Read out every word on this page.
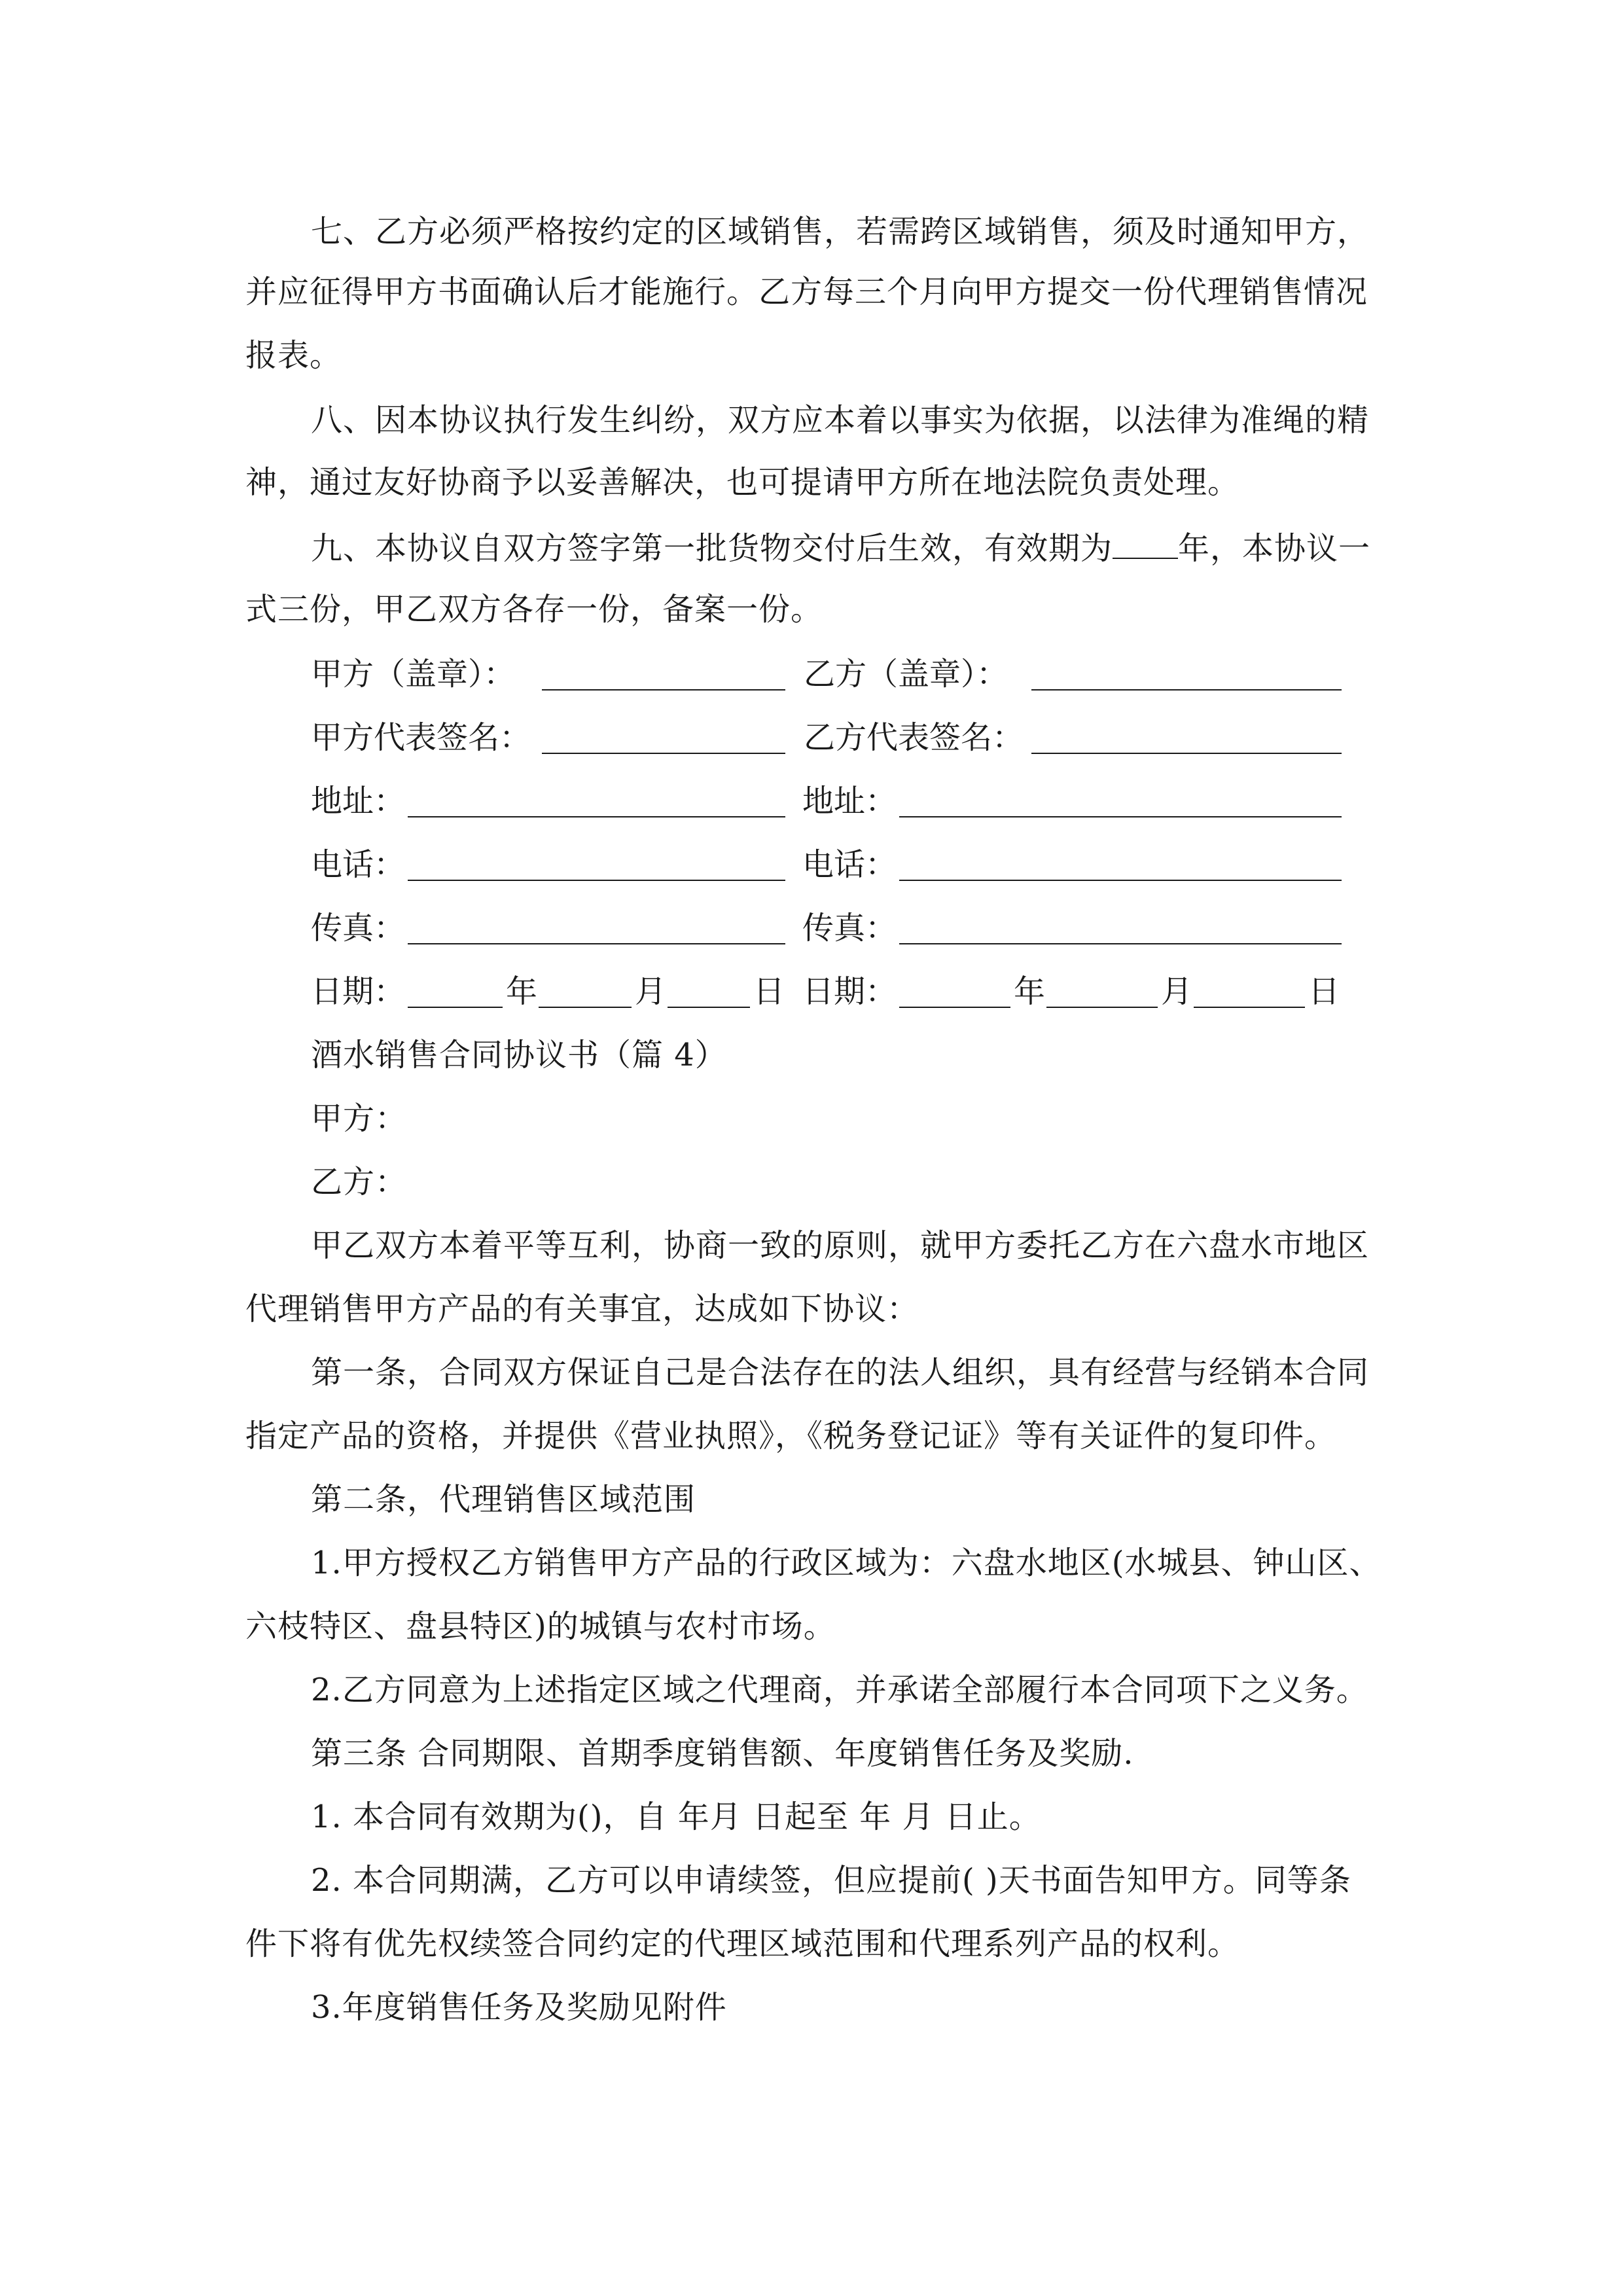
七、乙方必须严格按约定的区域销售，若需跨区域销售，须及时通知甲方，
并应征得甲方书面确认后才能施行。乙方每三个月向甲方提交一份代理销售情况
报表。
八、因本协议执行发生纠纷，双方应本着以事实为依据，以法律为准绳的精
神，通过友好协商予以妥善解决，也可提请甲方所在地法院负责处理。
九、本协议自双方签字第一批货物交付后生效，有效期为 年，本协议一
式三份，甲乙双方各存一份，备案一份。
甲方（盖章）：	乙方（盖章）：
甲方代表签名：	乙方代表签名：
地址：	地址：
电话：	电话：
传真：	传真：
日期：	年	月	日 日期：	年	月	日
酒水销售合同协议书（篇 4）
甲方：
乙方：
甲乙双方本着平等互利，协商一致的原则，就甲方委托乙方在六盘水市地区
代理销售甲方产品的有关事宜，达成如下协议：
第一条，合同双方保证自己是合法存在的法人组织，具有经营与经销本合同
指定产品的资格，并提供《营业执照》，《税务登记证》等有关证件的复印件。
第二条，代理销售区域范围
1.甲方授权乙方销售甲方产品的行政区域为：六盘水地区(水城县、钟山区、
六枝特区、盘县特区)的城镇与农村市场。
2.乙方同意为上述指定区域之代理商，并承诺全部履行本合同项下之义务。
第三条 合同期限、首期季度销售额、年度销售任务及奖励.
1. 本合同有效期为()，自 年月 日起至 年 月 日止。
2. 本合同期满，乙方可以申请续签，但应提前( )天书面告知甲方。同等条
件下将有优先权续签合同约定的代理区域范围和代理系列产品的权利。
3.年度销售任务及奖励见附件
